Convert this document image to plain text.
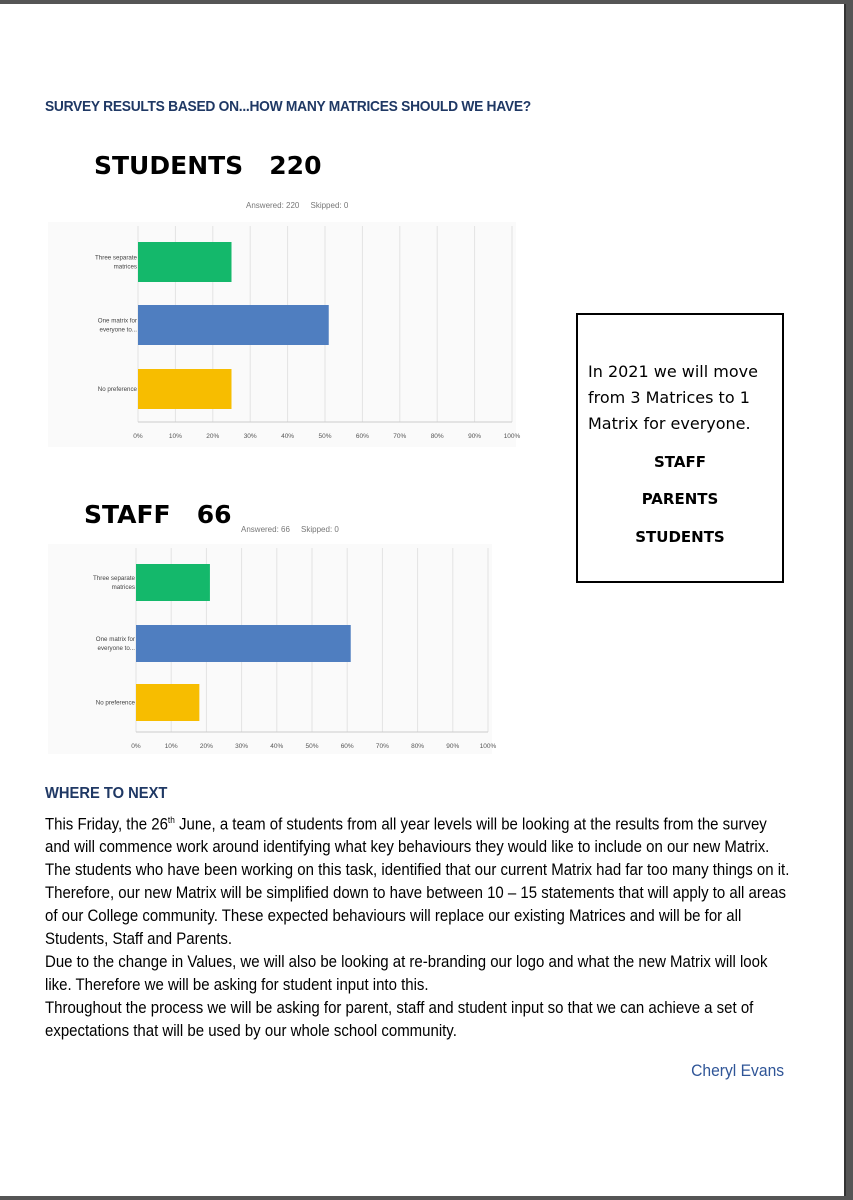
SURVEY RESULTS BASED ON...HOW MANY MATRICES SHOULD WE HAVE?
STUDENTS   220
Answered: 220     Skipped: 0
0%	10%	20%	30%	40%	50%	60%	70%	80%	90%	100%
Three separate matrices
One matrix for everyone to...
No preference
STAFF   66
Answered: 66     Skipped: 0
0%	10%	20%	30%	40%	50%	60%	70%	80%	90%	100%
Three separate matrices
One matrix for everyone to...
No preference
In 2021 we will move from 3 Matrices to 1 Matrix for everyone.
STAFF
PARENTS
STUDENTS
WHERE TO NEXT

This Friday, the 26th June, a team of students from all year levels will be looking at the results from the survey and will commence work around identifying what key behaviours they would like to include on our new Matrix. The students who have been working on this task, identified that our current Matrix had far too many things on it. Therefore, our new Matrix will be simplified down to have between 10 – 15 statements that will apply to all areas of our College community. These expected behaviours will replace our existing Matrices and will be for all Students, Staff and Parents.

Due to the change in Values, we will also be looking at re-branding our logo and what the new Matrix will look like. Therefore we will be asking for student input into this.

Throughout the process we will be asking for parent, staff and student input so that we can achieve a set of expectations that will be used by our whole school community.

Cheryl Evans
